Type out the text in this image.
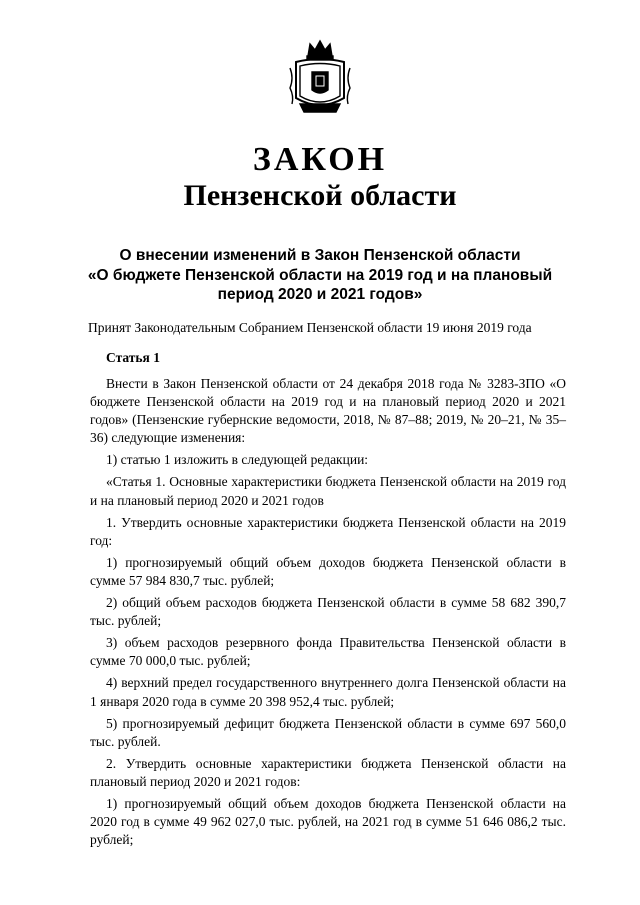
ЗАКОН
Пензенской области
О внесении изменений в Закон Пензенской области
«О бюджете Пензенской области на 2019 год и на плановый
период 2020 и 2021 годов»
Принят Законодательным Собранием Пензенской области 19 июня 2019 года
Статья 1

Внести в Закон Пензенской области от 24 декабря 2018 года № 3283-ЗПО «О бюджете Пензенской области на 2019 год и на плановый период 2020 и 2021 годов» (Пензенские губернские ведомости, 2018, № 87–88; 2019, № 20–21, № 35–36) следующие изменения:

1) статью 1 изложить в следующей редакции:

«Статья 1. Основные характеристики бюджета Пензенской области на 2019 год и на плановый период 2020 и 2021 годов

1. Утвердить основные характеристики бюджета Пензенской области на 2019 год:

1) прогнозируемый общий объем доходов бюджета Пензенской области в сумме 57 984 830,7 тыс. рублей;

2) общий объем расходов бюджета Пензенской области в сумме 58 682 390,7 тыс. рублей;

3) объем расходов резервного фонда Правительства Пензенской области в сумме 70 000,0 тыс. рублей;

4) верхний предел государственного внутреннего долга Пензенской области на 1 января 2020 года в сумме 20 398 952,4 тыс. рублей;

5) прогнозируемый дефицит бюджета Пензенской области в сумме 697 560,0 тыс. рублей.

2. Утвердить основные характеристики бюджета Пензенской области на плановый период 2020 и 2021 годов:

1) прогнозируемый общий объем доходов бюджета Пензенской области на 2020 год в сумме 49 962 027,0 тыс. рублей, на 2021 год в сумме 51 646 086,2 тыс. рублей;
